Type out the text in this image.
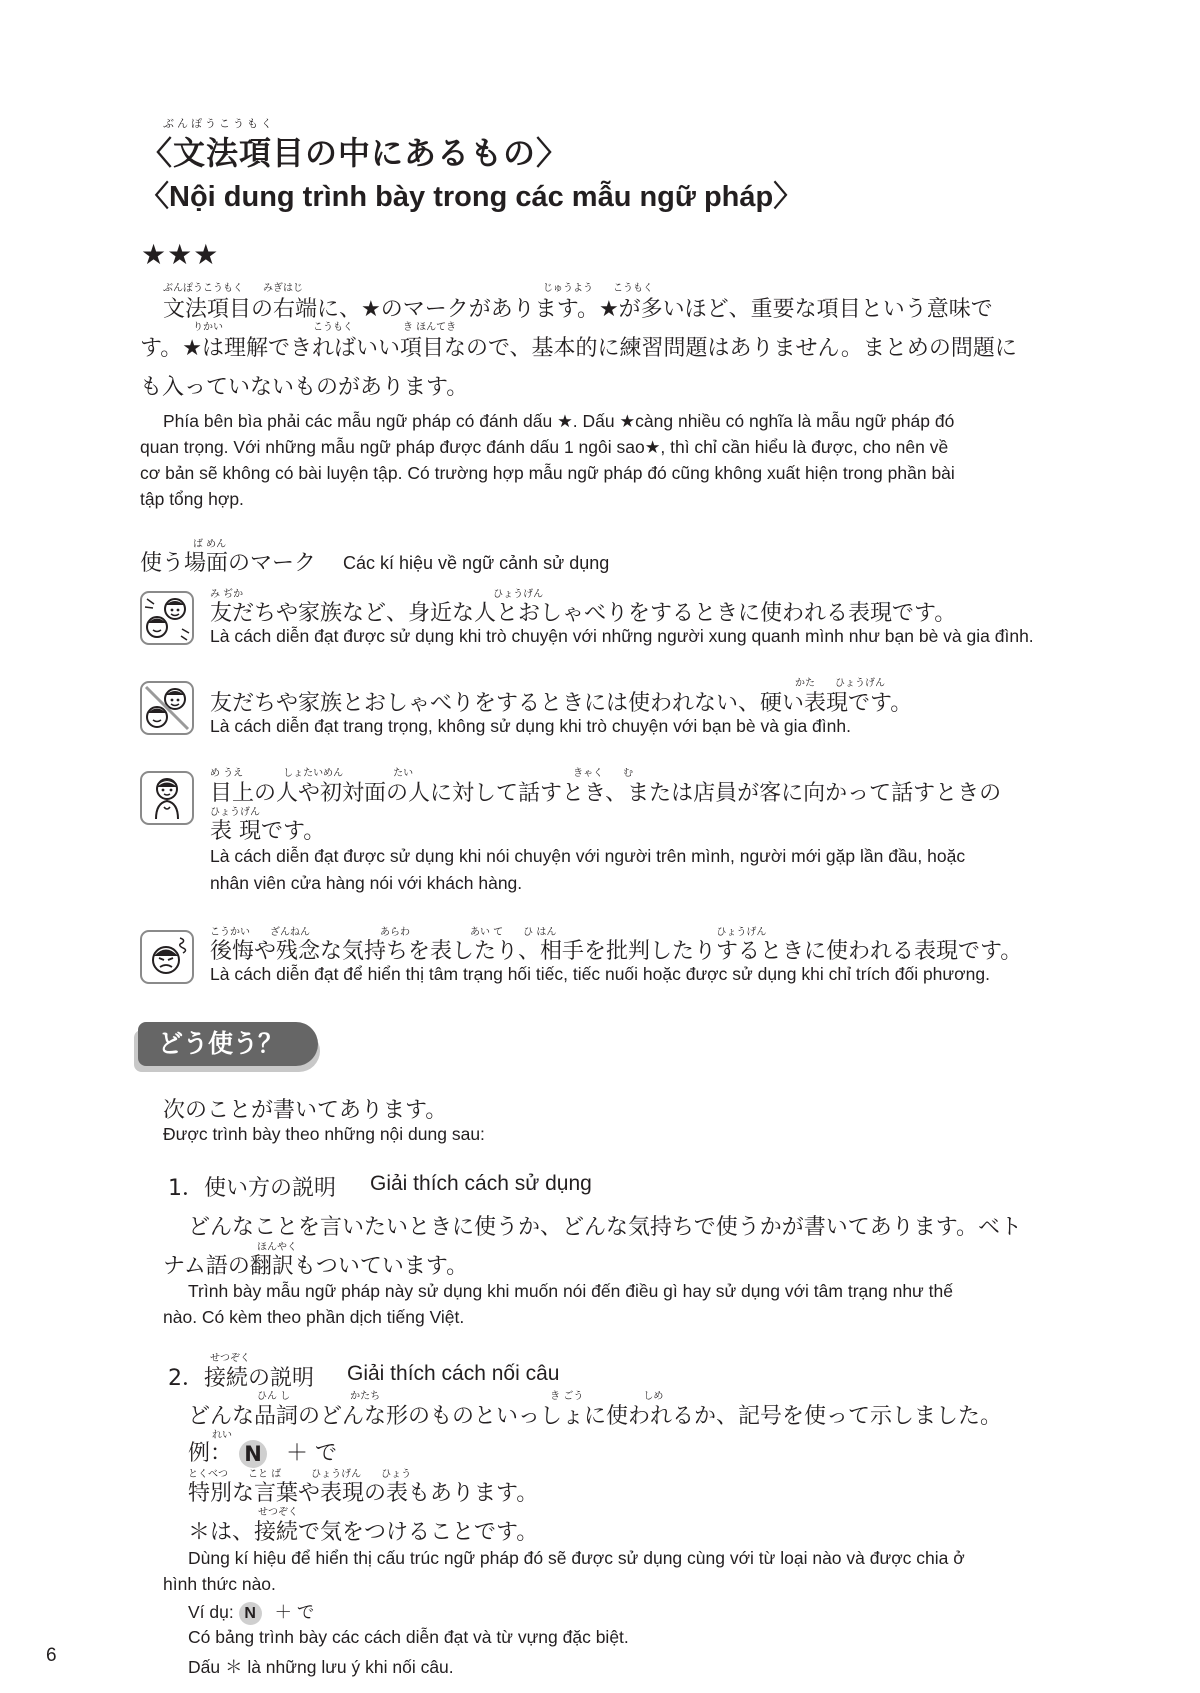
ぶんぽうこうもく
〈文法項目の中にあるもの〉
〈Nội dung trình bày trong các mẫu ngữ pháp〉
★★★
ぶんぽうこうもく　　みぎはじ　　　　　　　　　　　　　　　　　　　　　　　　じゅうよう　　こうもく
文法項目の右端に、★のマークがあります。★が多いほど、重要な項目という意味で
　　　りかい　　　　　　　　　こうもく　　　　　き ほんてき
す。★は理解できればいい項目なので、基本的に練習問題はありません。まとめの問題に
も入っていないものがあります。
Phía bên bìa phải các mẫu ngữ pháp có đánh dấu ★. Dấu ★càng nhiều có nghĩa là mẫu ngữ pháp đó
quan trọng. Với những mẫu ngữ pháp được đánh dấu 1 ngôi sao★, thì chỉ cần hiểu là được, cho nên về
cơ bản sẽ không có bài luyện tập. Có trường hợp mẫu ngữ pháp đó cũng không xuất hiện trong phần bài
tập tổng hợp.
ば めん
使う場面のマーク Các kí hiệu về ngữ cảnh sử dụng
み ぢか　　　　　　　　　　　　　　　　　　　　　　　　　ひょうげん
友だちや家族など、身近な人とおしゃべりをするときに使われる表現です。
Là cách diễn đạt được sử dụng khi trò chuyện với những người xung quanh mình như bạn bè và gia đình.
かた　　ひょうげん
友だちや家族とおしゃべりをするときには使われない、硬い表現です。
Là cách diễn đạt trang trọng, không sử dụng khi trò chuyện với bạn bè và gia đình.
め うえ　　　　しょたいめん　　　　　たい　　　　　　　　　　　　　　　　きゃく　　む
目上の人や初対面の人に対して話すとき、または店員が客に向かって話すときの
ひょうげん
表 現です。
Là cách diễn đạt được sử dụng khi nói chuyện với người trên mình, người mới gặp lần đầu, hoặc
nhân viên cửa hàng nói với khách hàng.
こうかい　　ざんねん　　　　　　　あらわ　　　　　　あい て　　ひ はん　　　　　　　　　　　　　　　　ひょうげん
後悔や残念な気持ちを表したり、相手を批判したりするときに使われる表現です。
Là cách diễn đạt để hiển thị tâm trạng hối tiếc, tiếc nuối hoặc được sử dụng khi chỉ trích đối phương.
どう使う？
次のことが書いてあります。
Được trình bày theo những nội dung sau:
1．使い方の説明 Giải thích cách sử dụng
どんなことを言いたいときに使うか、どんな気持ちで使うかが書いてあります。ベト
ほんやく
ナム語の翻訳もついています。
Trình bày mẫu ngữ pháp này sử dụng khi muốn nói đến điều gì hay sử dụng với tâm trạng như thế
nào. Có kèm theo phần dịch tiếng Việt.
せつぞく
2．接続の説明 Giải thích cách nối câu
ひん し　　　　　　かたち　　　　　　　　　　　　　　　　　き ごう　　　　　　しめ
どんな品詞のどんな形のものといっしょに使われるか、記号を使って示しました。
れい
例： N ＋ で
とくべつ　　こと ば　　　ひょうげん　　ひょう
特別な言葉や表現の表もあります。
せつぞく
＊は、接続で気をつけることです。
Dùng kí hiệu để hiển thị cấu trúc ngữ pháp đó sẽ được sử dụng cùng với từ loại nào và được chia ở
hình thức nào.
Ví dụ: N ＋ で
Có bảng trình bày các cách diễn đạt và từ vựng đặc biệt.
Dấu ＊ là những lưu ý khi nối câu.
6
